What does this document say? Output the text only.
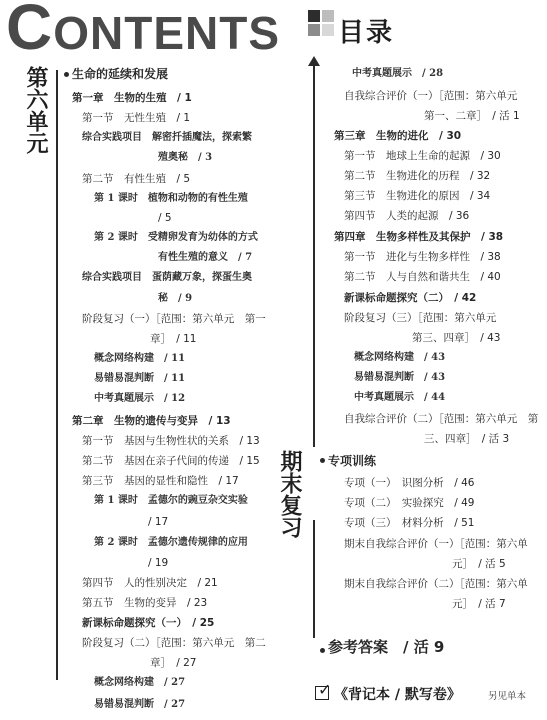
CONTENTS 目录
第六单元
期末复习
生命的延续和发展
第一章　生物的生殖　/ 1
第一节　无性生殖　/ 1
综合实践项目　解密扦插魔法，探索繁
殖奥秘　/ 3
第二节　有性生殖　/ 5
第 1 课时　植物和动物的有性生殖
/ 5
第 2 课时　受精卵发育为幼体的方式
有性生殖的意义　/ 7
综合实践项目　蛋荫藏万象，探蛋生奥
秘　/ 9
阶段复习（一）［范围：第六单元　第一
章］　/ 11
概念网络构建　/ 11
易错易混判断　/ 11
中考真题展示　/ 12
第二章　生物的遗传与变异　/ 13
第一节　基因与生物性状的关系　/ 13
第二节　基因在亲子代间的传递　/ 15
第三节　基因的显性和隐性　/ 17
第 1 课时　孟德尔的豌豆杂交实验
/ 17
第 2 课时　孟德尔遗传规律的应用
/ 19
第四节　人的性别决定　/ 21
第五节　生物的变异　/ 23
新课标命题探究（一）　/ 25
阶段复习（二）［范围：第六单元　第二
章］　/ 27
概念网络构建　/ 27
易错易混判断　/ 27
中考真题展示　/ 28
自我综合评价（一）［范围：第六单元
第一、二章］　/ 活 1
第三章　生物的进化　/ 30
第一节　地球上生命的起源　/ 30
第二节　生物进化的历程　/ 32
第三节　生物进化的原因　/ 34
第四节　人类的起源　/ 36
第四章　生物多样性及其保护　/ 38
第一节　进化与生物多样性　/ 38
第二节　人与自然和谐共生　/ 40
新课标命题探究（二）　/ 42
阶段复习（三）［范围：第六单元
第三、四章］　/ 43
概念网络构建　/ 43
易错易混判断　/ 43
中考真题展示　/ 44
自我综合评价（二）［范围：第六单元　第
三、四章］　/ 活 3
专项训练
专项（一）　识图分析　/ 46
专项（二）　实验探究　/ 49
专项（三）　材料分析　/ 51
期末自我综合评价（一）［范围：第六单
元］　/ 活 5
期末自我综合评价（二）［范围：第六单
元］　/ 活 7
参考答案　/ 活 9
✓ 《背记本 / 默写卷》	另见单本
